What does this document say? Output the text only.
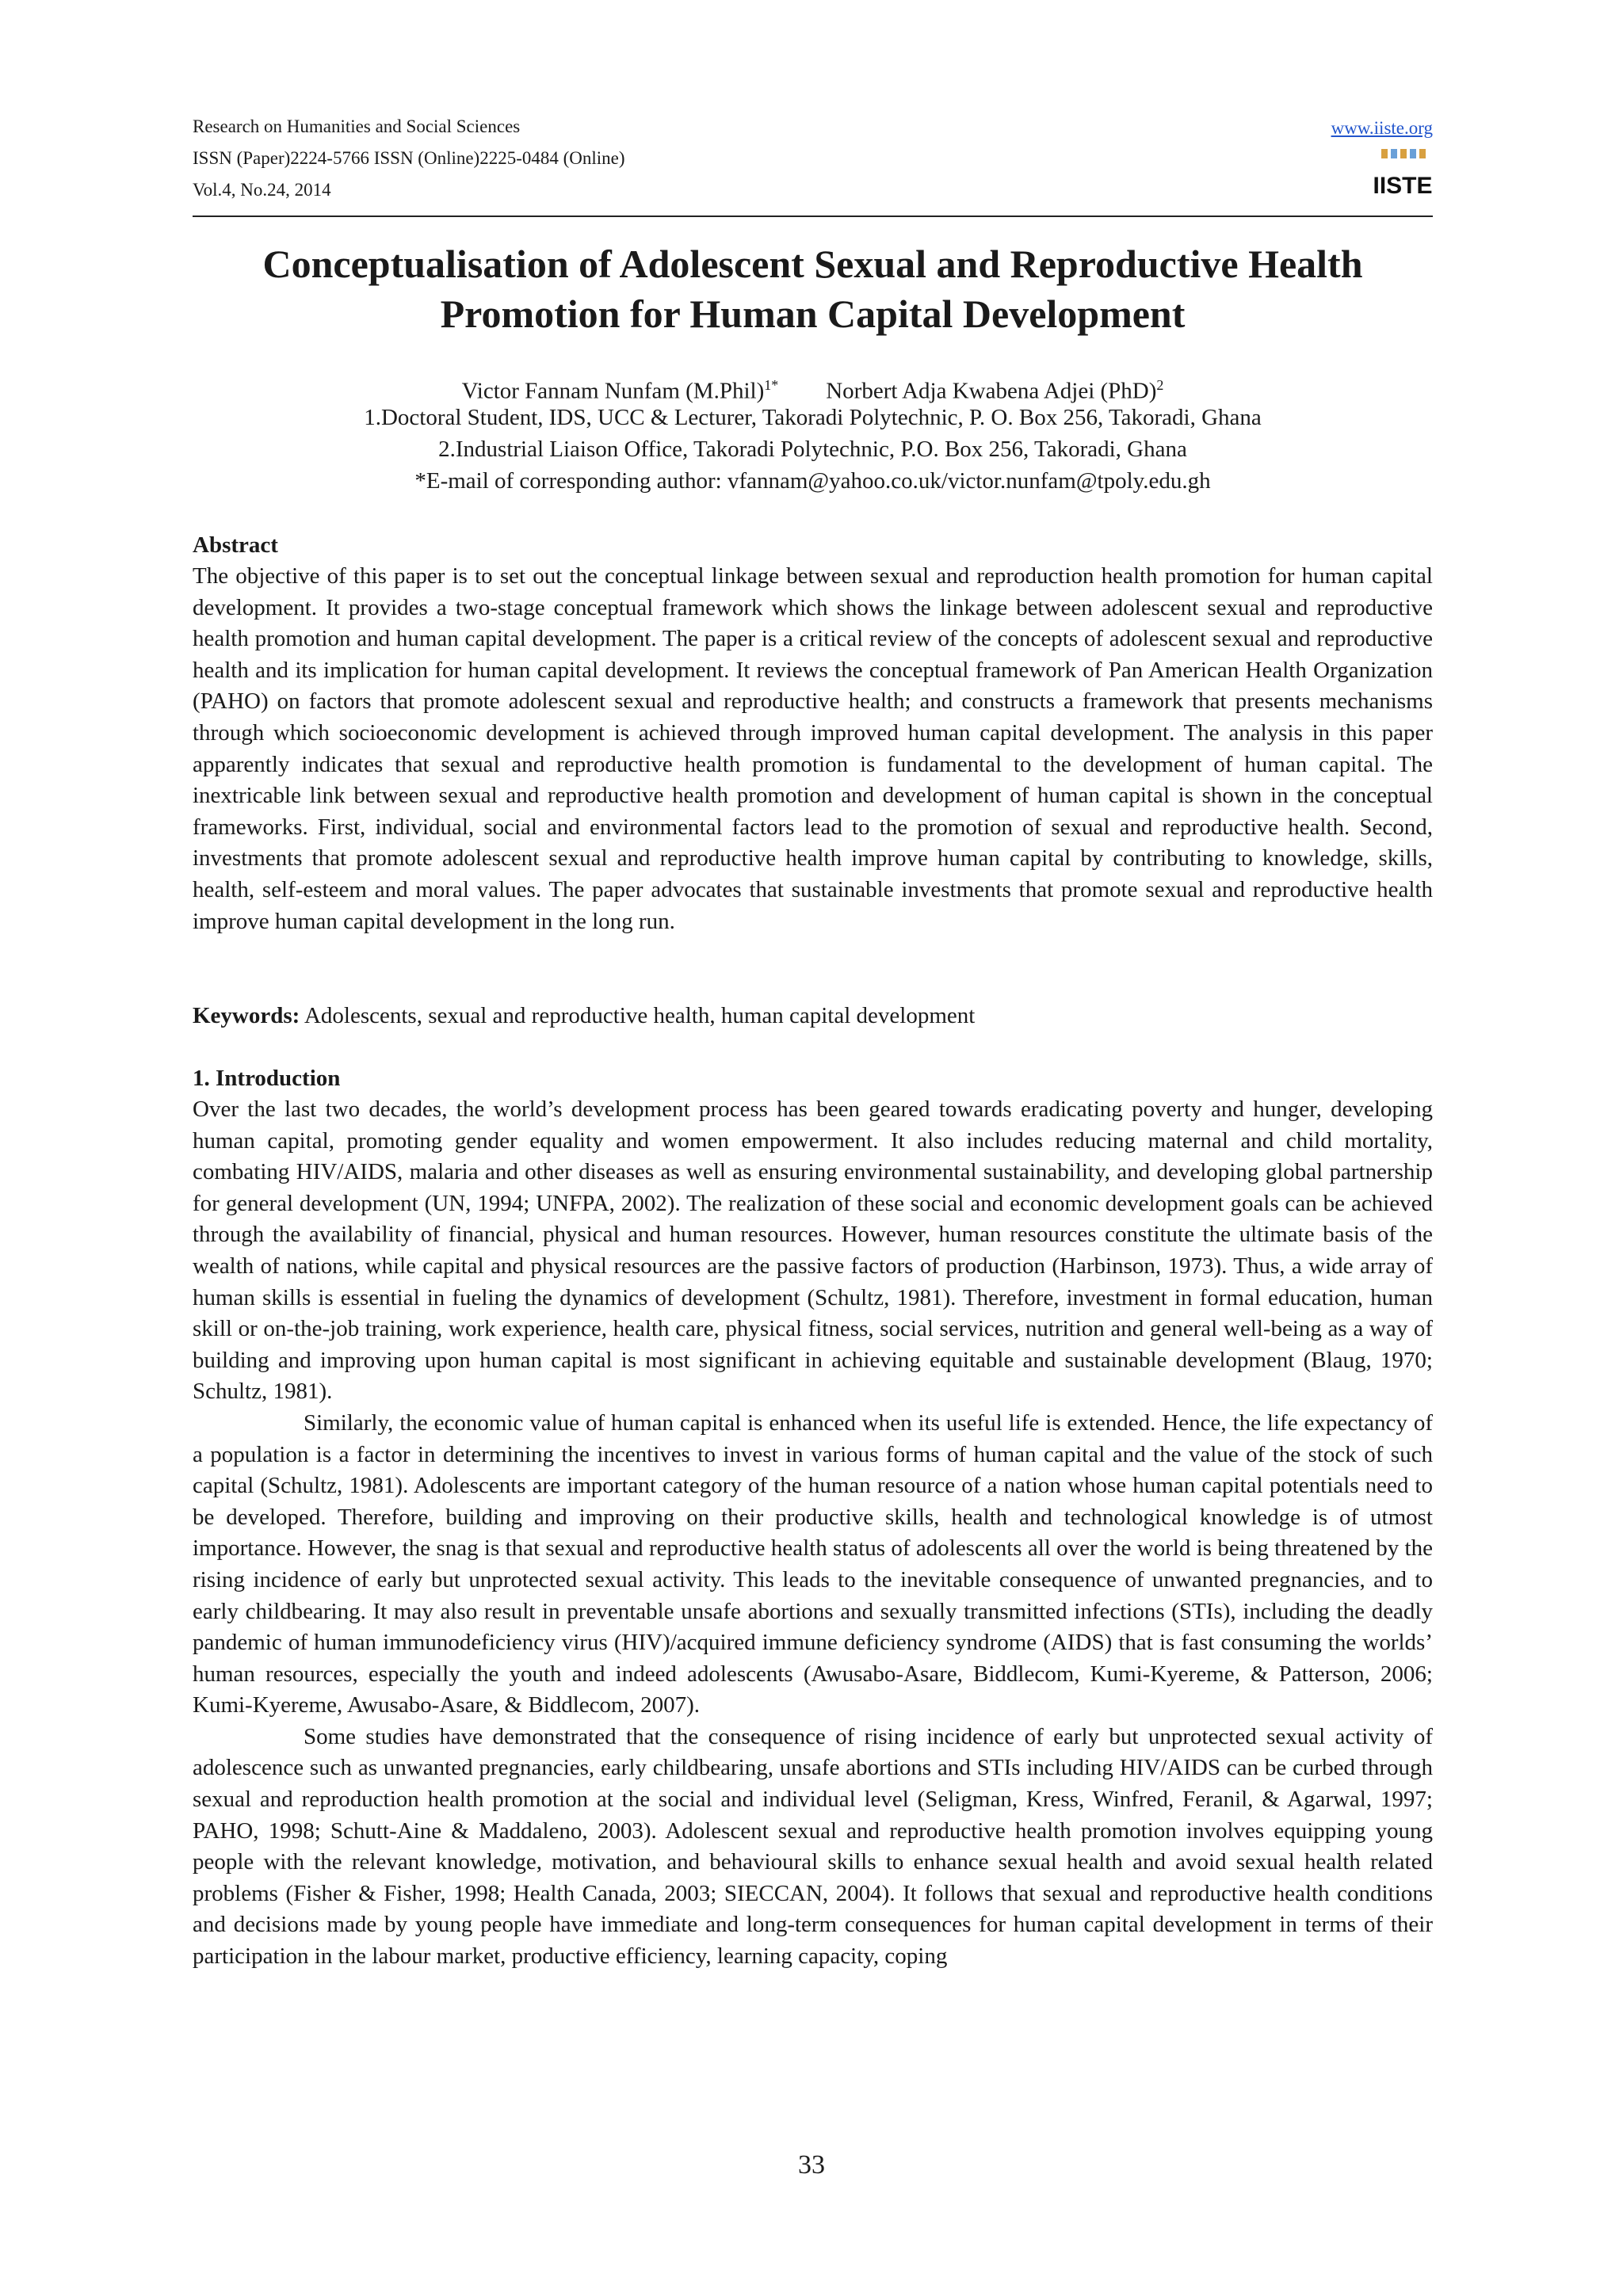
Research on Humanities and Social Sciences
ISSN (Paper)2224-5766 ISSN (Online)2225-0484 (Online)
Vol.4, No.24, 2014
www.iiste.org
IISTE
Conceptualisation of Adolescent Sexual and Reproductive Health
Promotion for Human Capital Development
Victor Fannam Nunfam (M.Phil)$^{1*}$ Norbert Adja Kwabena Adjei (PhD)$^2$
1.Doctoral Student, IDS, UCC & Lecturer, Takoradi Polytechnic, P. O. Box 256, Takoradi, Ghana
2.Industrial Liaison Office, Takoradi Polytechnic, P.O. Box 256, Takoradi, Ghana
*E-mail of corresponding author: vfannam@yahoo.co.uk/victor.nunfam@tpoly.edu.gh
Abstract

The objective of this paper is to set out the conceptual linkage between sexual and reproduction health promotion for human capital development. It provides a two-stage conceptual framework which shows the linkage between adolescent sexual and reproductive health promotion and human capital development. The paper is a critical review of the concepts of adolescent sexual and reproductive health and its implication for human capital development. It reviews the conceptual framework of Pan American Health Organization (PAHO) on factors that promote adolescent sexual and reproductive health; and constructs a framework that presents mechanisms through which socioeconomic development is achieved through improved human capital development. The analysis in this paper apparently indicates that sexual and reproductive health promotion is fundamental to the development of human capital. The inextricable link between sexual and reproductive health promotion and development of human capital is shown in the conceptual frameworks. First, individual, social and environmental factors lead to the promotion of sexual and reproductive health. Second, investments that promote adolescent sexual and reproductive health improve human capital by contributing to knowledge, skills, health, self-esteem and moral values. The paper advocates that sustainable investments that promote sexual and reproductive health improve human capital development in the long run.

Keywords: Adolescents, sexual and reproductive health, human capital development
1. Introduction

Over the last two decades, the world’s development process has been geared towards eradicating poverty and hunger, developing human capital, promoting gender equality and women empowerment. It also includes reducing maternal and child mortality, combating HIV/AIDS, malaria and other diseases as well as ensuring environmental sustainability, and developing global partnership for general development (UN, 1994; UNFPA, 2002). The realization of these social and economic development goals can be achieved through the availability of financial, physical and human resources. However, human resources constitute the ultimate basis of the wealth of nations, while capital and physical resources are the passive factors of production (Harbinson, 1973). Thus, a wide array of human skills is essential in fueling the dynamics of development (Schultz, 1981). Therefore, investment in formal education, human skill or on-the-job training, work experience, health care, physical fitness, social services, nutrition and general well-being as a way of building and improving upon human capital is most significant in achieving equitable and sustainable development (Blaug, 1970; Schultz, 1981).

Similarly, the economic value of human capital is enhanced when its useful life is extended. Hence, the life expectancy of a population is a factor in determining the incentives to invest in various forms of human capital and the value of the stock of such capital (Schultz, 1981). Adolescents are important category of the human resource of a nation whose human capital potentials need to be developed. Therefore, building and improving on their productive skills, health and technological knowledge is of utmost importance. However, the snag is that sexual and reproductive health status of adolescents all over the world is being threatened by the rising incidence of early but unprotected sexual activity. This leads to the inevitable consequence of unwanted pregnancies, and to early childbearing. It may also result in preventable unsafe abortions and sexually transmitted infections (STIs), including the deadly pandemic of human immunodeficiency virus (HIV)/acquired immune deficiency syndrome (AIDS) that is fast consuming the worlds’ human resources, especially the youth and indeed adolescents (Awusabo-Asare, Biddlecom, Kumi-Kyereme, & Patterson, 2006; Kumi-Kyereme, Awusabo-Asare, & Biddlecom, 2007).

Some studies have demonstrated that the consequence of rising incidence of early but unprotected sexual activity of adolescence such as unwanted pregnancies, early childbearing, unsafe abortions and STIs including HIV/AIDS can be curbed through sexual and reproduction health promotion at the social and individual level (Seligman, Kress, Winfred, Feranil, & Agarwal, 1997; PAHO, 1998; Schutt-Aine & Maddaleno, 2003). Adolescent sexual and reproductive health promotion involves equipping young people with the relevant knowledge, motivation, and behavioural skills to enhance sexual health and avoid sexual health related problems (Fisher & Fisher, 1998; Health Canada, 2003; SIECCAN, 2004). It follows that sexual and reproductive health conditions and decisions made by young people have immediate and long-term consequences for human capital development in terms of their participation in the labour market, productive efficiency, learning capacity, coping

33
